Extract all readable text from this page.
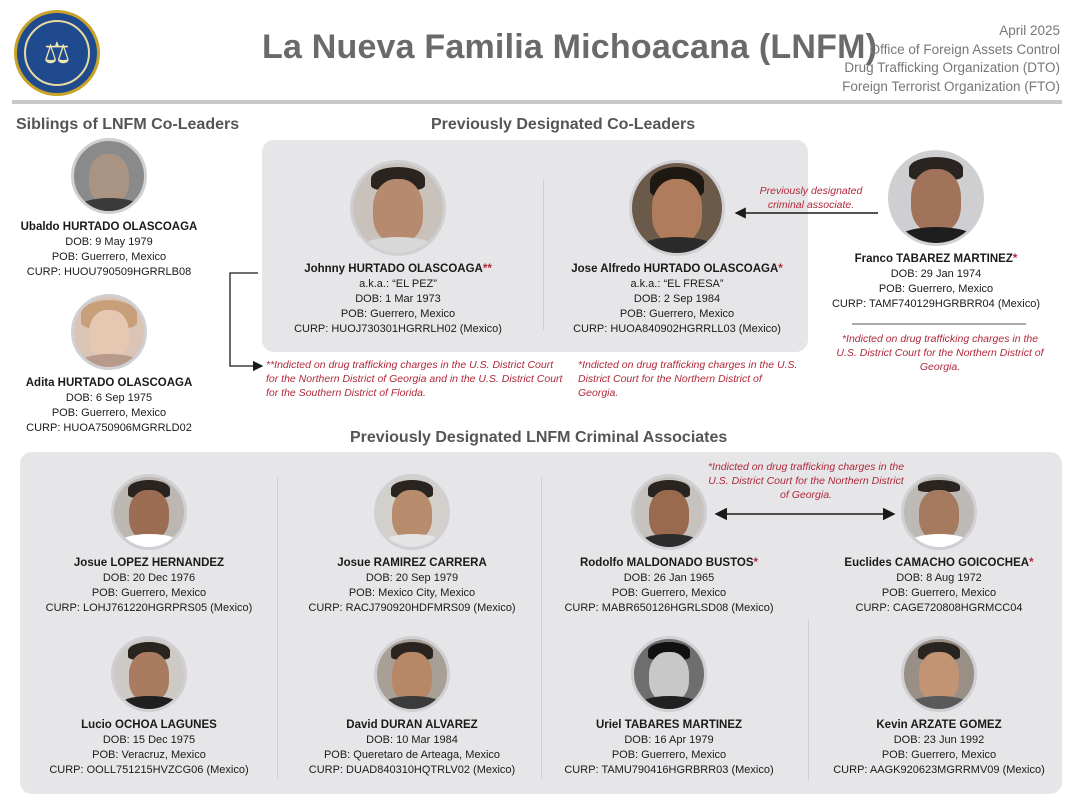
⚖	La Nueva Familia Michoacana (LNFM)	April 2025
Office of Foreign Assets Control
Drug Trafficking Organization (DTO)
Foreign Terrorist Organization (FTO)
Siblings of LNFM Co-Leaders	Previously Designated Co-Leaders
Previously Designated LNFM Criminal Associates
Ubaldo HURTADO OLASCOAGA
DOB: 9 May 1979
POB: Guerrero, Mexico
CURP: HUOU790509HGRRLB08
Adita HURTADO OLASCOAGA
DOB: 6 Sep 1975
POB: Guerrero, Mexico
CURP: HUOA750906MGRRLD02
Johnny HURTADO OLASCOAGA**
a.k.a.: “EL PEZ”
DOB: 1 Mar 1973
POB: Guerrero, Mexico
CURP: HUOJ730301HGRRLH02 (Mexico)
Jose Alfredo HURTADO OLASCOAGA*
a.k.a.: “EL FRESA”
DOB: 2 Sep 1984
POB: Guerrero, Mexico
CURP: HUOA840902HGRRLL03 (Mexico)
Franco TABAREZ MARTINEZ*
DOB: 29 Jan 1974
POB: Guerrero, Mexico
CURP: TAMF740129HGRBRR04 (Mexico)
Previously designated criminal associate.
*Indicted on drug trafficking charges in the U.S. District Court for the Northern District of Georgia.
**Indicted on drug trafficking charges in the U.S. District Court for the Northern District of Georgia and in the U.S. District Court for the Southern District of Florida.
*Indicted on drug trafficking charges in the U.S. District Court for the Northern District of Georgia.
*Indicted on drug trafficking charges in the U.S. District Court for the Northern District of Georgia.
Josue LOPEZ HERNANDEZ
DOB: 20 Dec 1976
POB: Guerrero, Mexico
CURP: LOHJ761220HGRPRS05 (Mexico)
Josue RAMIREZ CARRERA
DOB: 20 Sep 1979
POB: Mexico City, Mexico
CURP: RACJ790920HDFMRS09 (Mexico)
Rodolfo MALDONADO BUSTOS*
DOB: 26 Jan 1965
POB: Guerrero, Mexico
CURP: MABR650126HGRLSD08 (Mexico)
Euclides CAMACHO GOICOCHEA*
DOB: 8 Aug 1972
POB: Guerrero, Mexico
CURP: CAGE720808HGRMCC04
Lucio OCHOA LAGUNES
DOB: 15 Dec 1975
POB: Veracruz, Mexico
CURP: OOLL751215HVZCG06 (Mexico)
David DURAN ALVAREZ
DOB: 10 Mar 1984
POB: Queretaro de Arteaga, Mexico
CURP: DUAD840310HQTRLV02 (Mexico)
Uriel TABARES MARTINEZ
DOB: 16 Apr 1979
POB: Guerrero, Mexico
CURP: TAMU790416HGRBRR03 (Mexico)
Kevin ARZATE GOMEZ
DOB: 23 Jun 1992
POB: Guerrero, Mexico
CURP: AAGK920623MGRRMV09 (Mexico)
